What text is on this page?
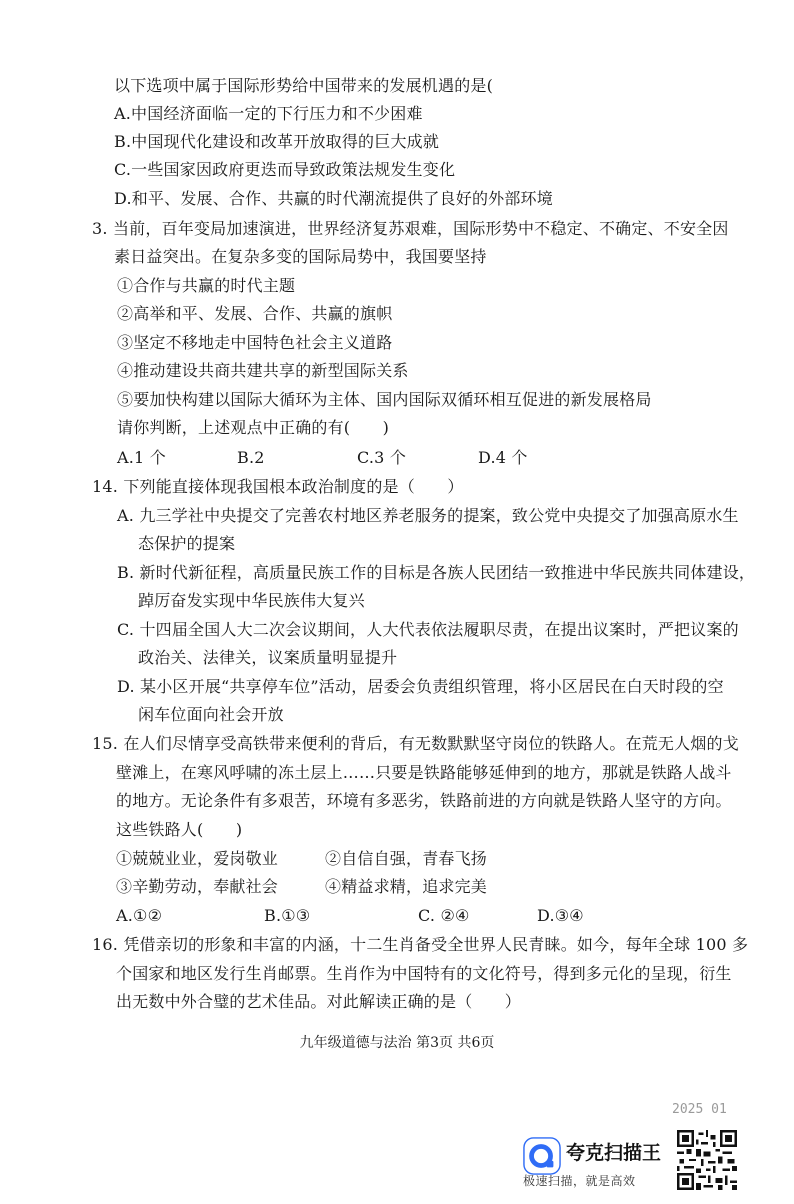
以下选项中属于国际形势给中国带来的发展机遇的是(
A.中国经济面临一定的下行压力和不少困难
B.中国现代化建设和改革开放取得的巨大成就
C.一些国家因政府更迭而导致政策法规发生变化
D.和平、发展、合作、共赢的时代潮流提供了良好的外部环境
3. 当前，百年变局加速演进，世界经济复苏艰难，国际形势中不稳定、不确定、不安全因
素日益突出。在复杂多变的国际局势中，我国要坚持
①合作与共赢的时代主题
②高举和平、发展、合作、共赢的旗帜
③坚定不移地走中国特色社会主义道路
④推动建设共商共建共享的新型国际关系
⑤要加快构建以国际大循环为主体、国内国际双循环相互促进的新发展格局
请你判断，上述观点中正确的有(　　)
A.1 个	B.2	C.3 个	D.4 个
14. 下列能直接体现我国根本政治制度的是（　　）
A. 九三学社中央提交了完善农村地区养老服务的提案，致公党中央提交了加强高原水生
态保护的提案
B. 新时代新征程，高质量民族工作的目标是各族人民团结一致推进中华民族共同体建设，
踔厉奋发实现中华民族伟大复兴
C. 十四届全国人大二次会议期间，人大代表依法履职尽责，在提出议案时，严把议案的
政治关、法律关，议案质量明显提升
D. 某小区开展“共享停车位”活动，居委会负责组织管理，将小区居民在白天时段的空
闲车位面向社会开放
15. 在人们尽情享受高铁带来便利的背后，有无数默默坚守岗位的铁路人。在荒无人烟的戈
壁滩上，在寒风呼啸的冻土层上……只要是铁路能够延伸到的地方，那就是铁路人战斗
的地方。无论条件有多艰苦，环境有多恶劣，铁路前进的方向就是铁路人坚守的方向。
这些铁路人(　　)
①兢兢业业，爱岗敬业	②自信自强，青春飞扬
③辛勤劳动，奉献社会	④精益求精，追求完美
A.①②	B.①③	C. ②④	D.③④
16. 凭借亲切的形象和丰富的内涵，十二生肖备受全世界人民青睐。如今，每年全球 100 多
个国家和地区发行生肖邮票。生肖作为中国特有的文化符号，得到多元化的呈现，衍生
出无数中外合璧的艺术佳品。对此解读正确的是（　　）
九年级道德与法治 第3页 共6页
2025 01
夸克扫描王
极速扫描，就是高效
